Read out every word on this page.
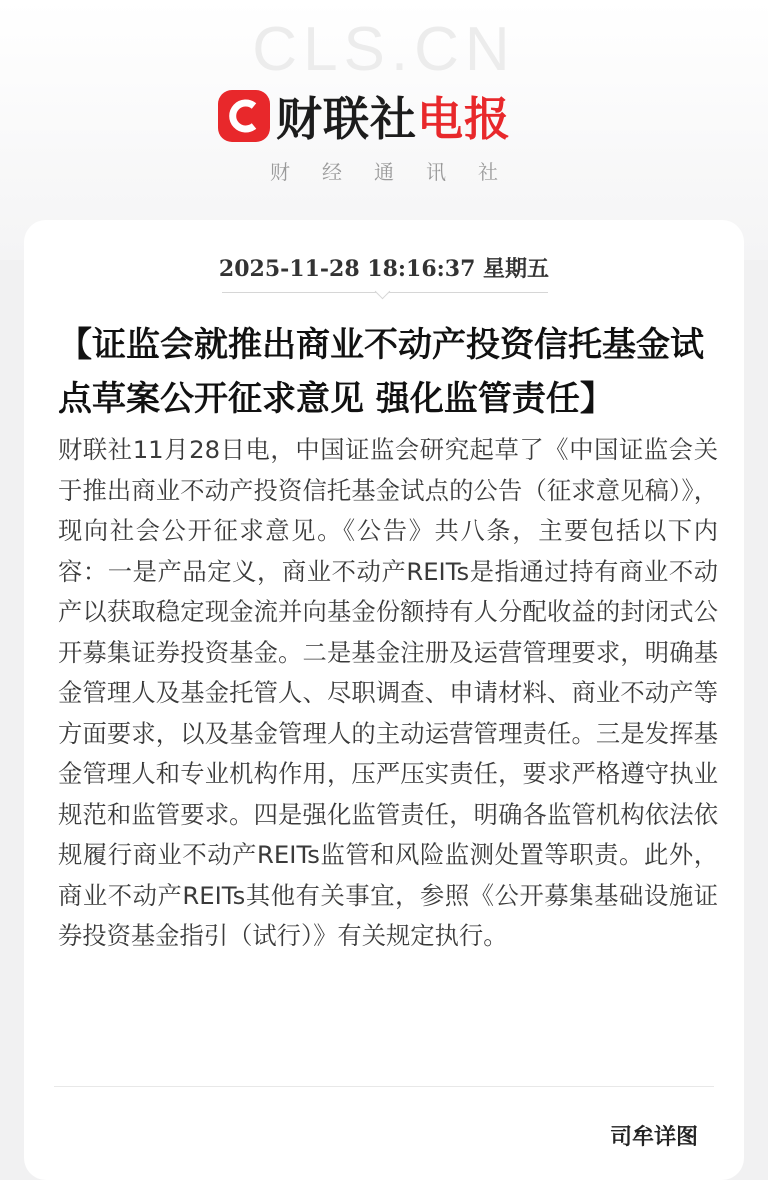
CLS.CN
财联社电报
财 经 通 讯 社
2025-11-28 18:16:37 星期五
【证监会就推出商业不动产投资信托基金试点草案公开征求意见 强化监管责任】

财联社11月28日电，中国证监会研究起草了《中国证监会关于推出商业不动产投资信托基金试点的公告（征求意见稿）》，现向社会公开征求意见。《公告》共八条，主要包括以下内容：一是产品定义，商业不动产REITs是指通过持有商业不动产以获取稳定现金流并向基金份额持有人分配收益的封闭式公开募集证券投资基金。二是基金注册及运营管理要求，明确基金管理人及基金托管人、尽职调查、申请材料、商业不动产等方面要求，以及基金管理人的主动运营管理责任。三是发挥基金管理人和专业机构作用，压严压实责任，要求严格遵守执业规范和监管要求。四是强化监管责任，明确各监管机构依法依规履行商业不动产REITs监管和风险监测处置等职责。此外，商业不动产REITs其他有关事宜，参照《公开募集基础设施证券投资基金指引（试行）》有关规定执行。

司牟详图
